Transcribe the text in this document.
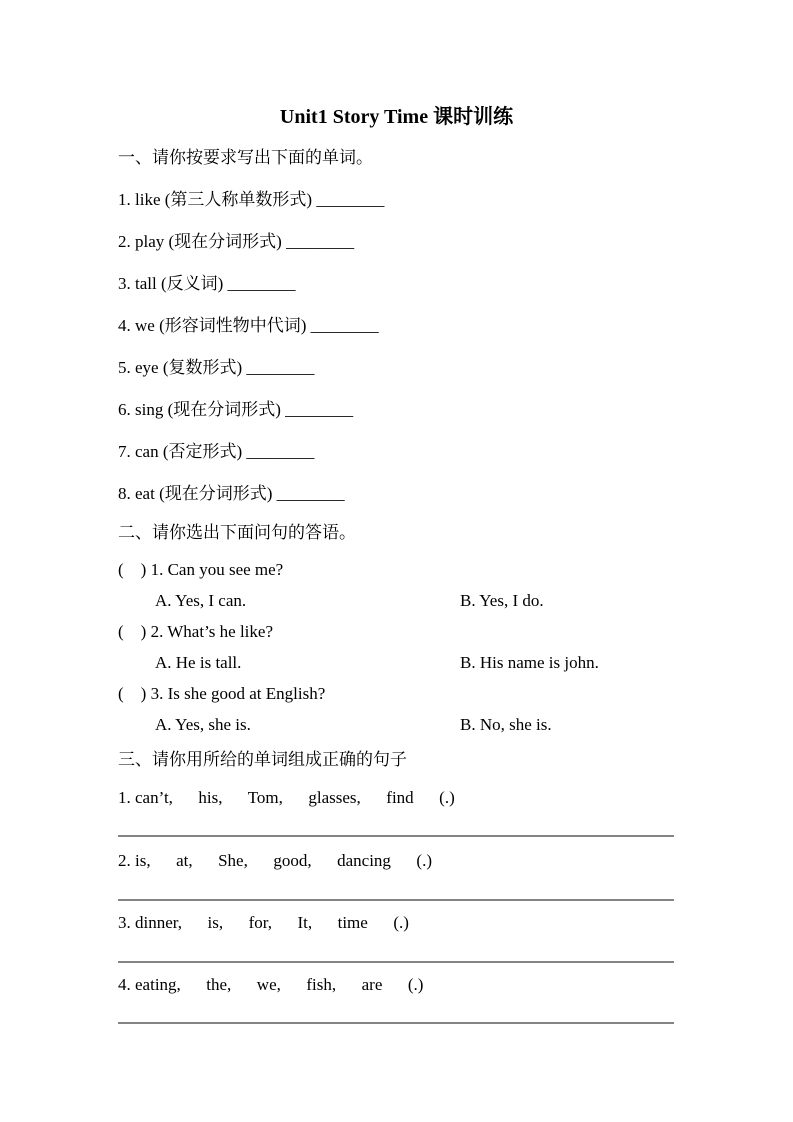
Unit1 Story Time 课时训练
一、请你按要求写出下面的单词。
1. like (第三人称单数形式) ________
2. play (现在分词形式) ________
3. tall (反义词) ________
4. we (形容词性物中代词) ________
5. eye (复数形式) ________
6. sing (现在分词形式) ________
7. can (否定形式) ________
8. eat (现在分词形式) ________
二、请你选出下面问句的答语。
(    ) 1. Can you see me?

A. Yes, I can.

	B. Yes, I do.

(    ) 2. What’s he like?

A. He is tall.

	B. His name is john.

(    ) 3. Is she good at English?

A. Yes, she is.

	B. No, she is.

三、请你用所给的单词组成正确的句子
1. can’t,      his,      Tom,      glasses,      find      (.)
2. is,      at,      She,      good,      dancing      (.)
3. dinner,      is,      for,      It,      time      (.)
4. eating,      the,      we,      fish,      are      (.)
